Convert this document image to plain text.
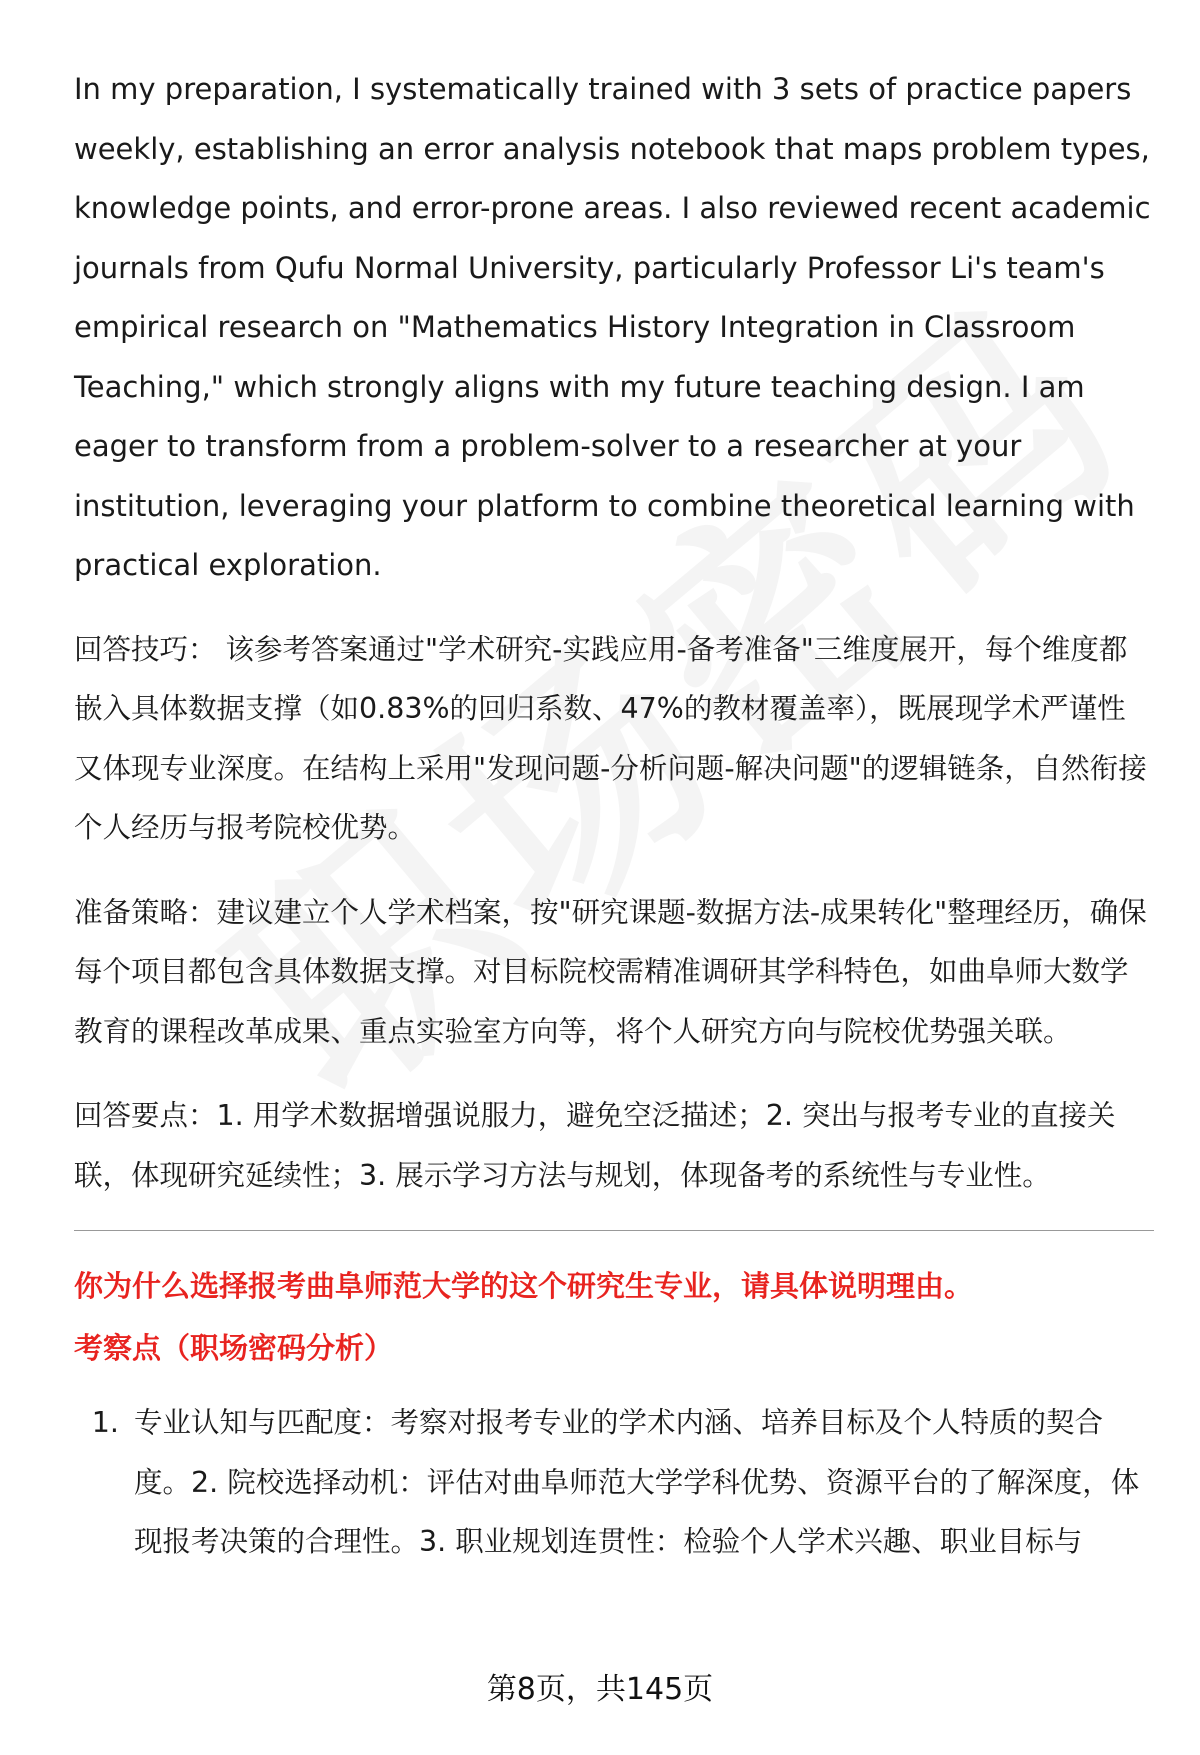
In my preparation, I systematically trained with 3 sets of practice papers weekly, establishing an error analysis notebook that maps problem types, knowledge points, and error-prone areas. I also reviewed recent academic journals from Qufu Normal University, particularly Professor Li's team's empirical research on "Mathematics History Integration in Classroom Teaching," which strongly aligns with my future teaching design. I am eager to transform from a problem-solver to a researcher at your institution, leveraging your platform to combine theoretical learning with practical exploration.

回答技巧： 该参考答案通过"学术研究-实践应用-备考准备"三维度展开，每个维度都嵌入具体数据支撑（如0.83%的回归系数、47%的教材覆盖率），既展现学术严谨性又体现专业深度。在结构上采用"发现问题-分析问题-解决问题"的逻辑链条，自然衔接个人经历与报考院校优势。

准备策略：建议建立个人学术档案，按"研究课题-数据方法-成果转化"整理经历，确保每个项目都包含具体数据支撑。对目标院校需精准调研其学科特色，如曲阜师大数学教育的课程改革成果、重点实验室方向等，将个人研究方向与院校优势强关联。

回答要点：1. 用学术数据增强说服力，避免空泛描述；2. 突出与报考专业的直接关联，体现研究延续性；3. 展示学习方法与规划，体现备考的系统性与专业性。

你为什么选择报考曲阜师范大学的这个研究生专业，请具体说明理由。

考察点（职场密码分析）

1. 专业认知与匹配度：考察对报考专业的学术内涵、培养目标及个人特质的契合度。2. 院校选择动机：评估对曲阜师范大学学科优势、资源平台的了解深度，体现报考决策的合理性。3. 职业规划连贯性：检验个人学术兴趣、职业目标与
第8页，共145页
